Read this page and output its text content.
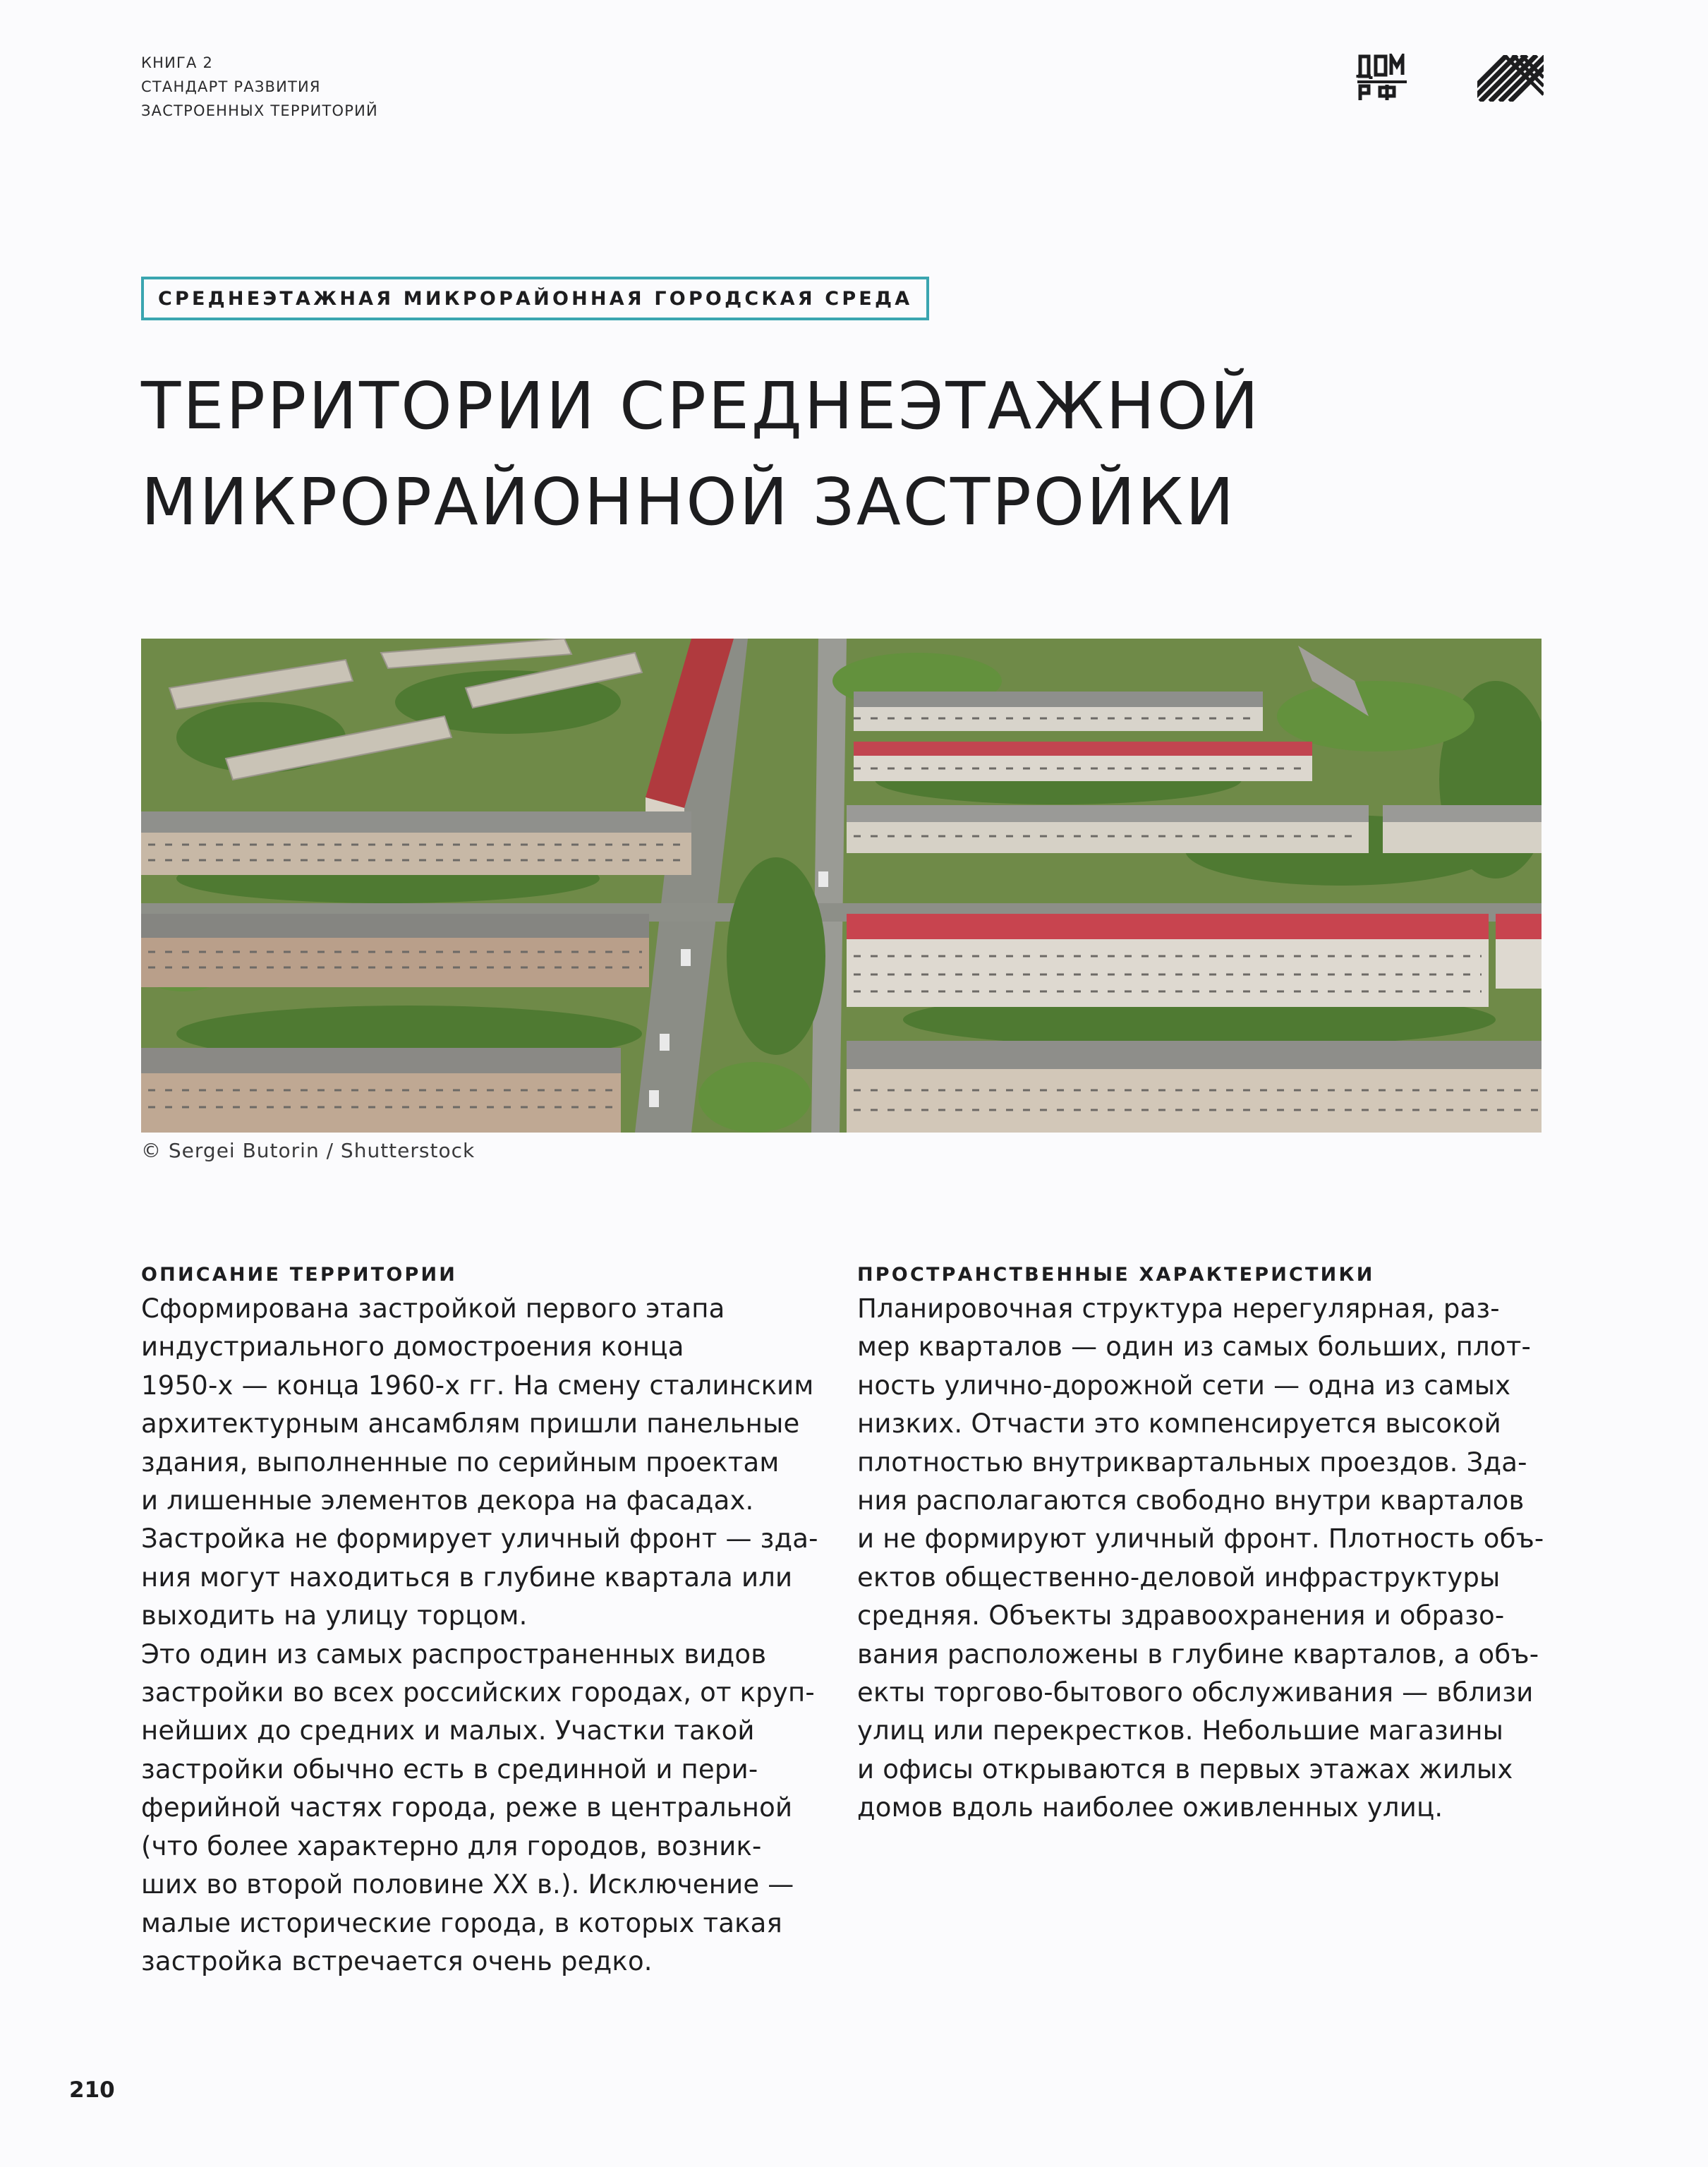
КНИГА 2
СТАНДАРТ РАЗВИТИЯ
ЗАСТРОЕННЫХ ТЕРРИТОРИЙ
СРЕДНЕЭТАЖНАЯ МИКРОРАЙОННАЯ ГОРОДСКАЯ СРЕДА
ТЕРРИТОРИИ СРЕДНЕЭТАЖНОЙ
МИКРОРАЙОННОЙ ЗАСТРОЙКИ
© Sergei Butorin / Shutterstock
ОПИСАНИЕ ТЕРРИТОРИИ
Сформирована застройкой первого этапа
индустриального домостроения конца
1950-х — конца 1960-х гг. На смену сталинским
архитектурным ансамблям пришли панельные
здания, выполненные по серийным проектам
и лишенные элементов декора на фасадах.
Застройка не формирует уличный фронт — зда-
ния могут находиться в глубине квартала или
выходить на улицу торцом.
Это один из самых распространенных видов
застройки во всех российских городах, от круп-
нейших до средних и малых. Участки такой
застройки обычно есть в срединной и пери-
ферийной частях города, реже в центральной
(что более характерно для городов, возник-
ших во второй половине XX в.). Исключение —
малые исторические города, в которых такая
застройка встречается очень редко.
ПРОСТРАНСТВЕННЫЕ ХАРАКТЕРИСТИКИ
Планировочная структура нерегулярная, раз-
мер кварталов — один из самых больших, плот-
ность улично-дорожной сети — одна из самых
низких. Отчасти это компенсируется высокой
плотностью внутриквартальных проездов. Зда-
ния располагаются свободно внутри кварталов
и не формируют уличный фронт. Плотность объ-
ектов общественно-деловой инфраструктуры
средняя. Объекты здравоохранения и образо-
вания расположены в глубине кварталов, а объ-
екты торгово-бытового обслуживания — вблизи
улиц или перекрестков. Небольшие магазины
и офисы открываются в первых этажах жилых
домов вдоль наиболее оживленных улиц.
210
